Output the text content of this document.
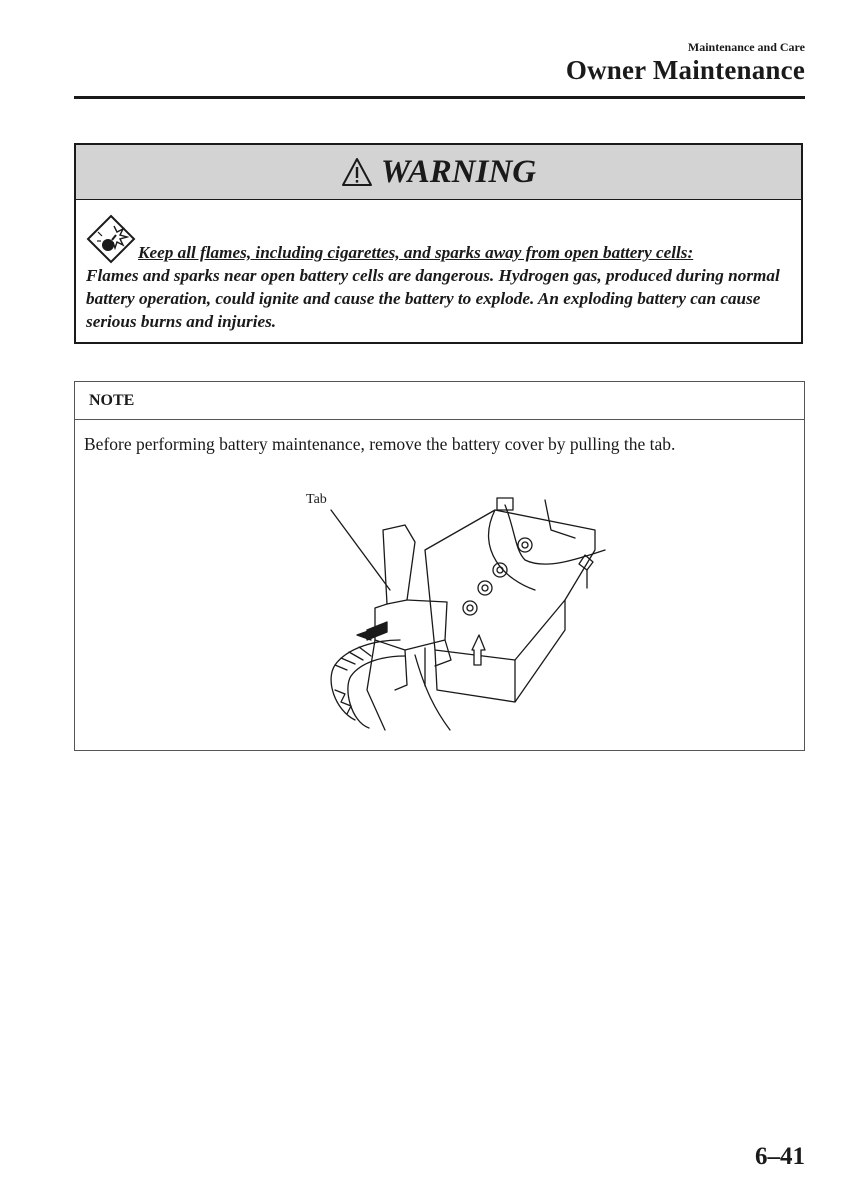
Maintenance and Care
Owner Maintenance
WARNING
Keep all flames, including cigarettes, and sparks away from open battery cells:

Flames and sparks near open battery cells are dangerous. Hydrogen gas, produced during normal battery operation, could ignite and cause the battery to explode. An exploding battery can cause serious burns and injuries.

NOTE
Before performing battery maintenance, remove the battery cover by pulling the tab.
Tab
6–41
